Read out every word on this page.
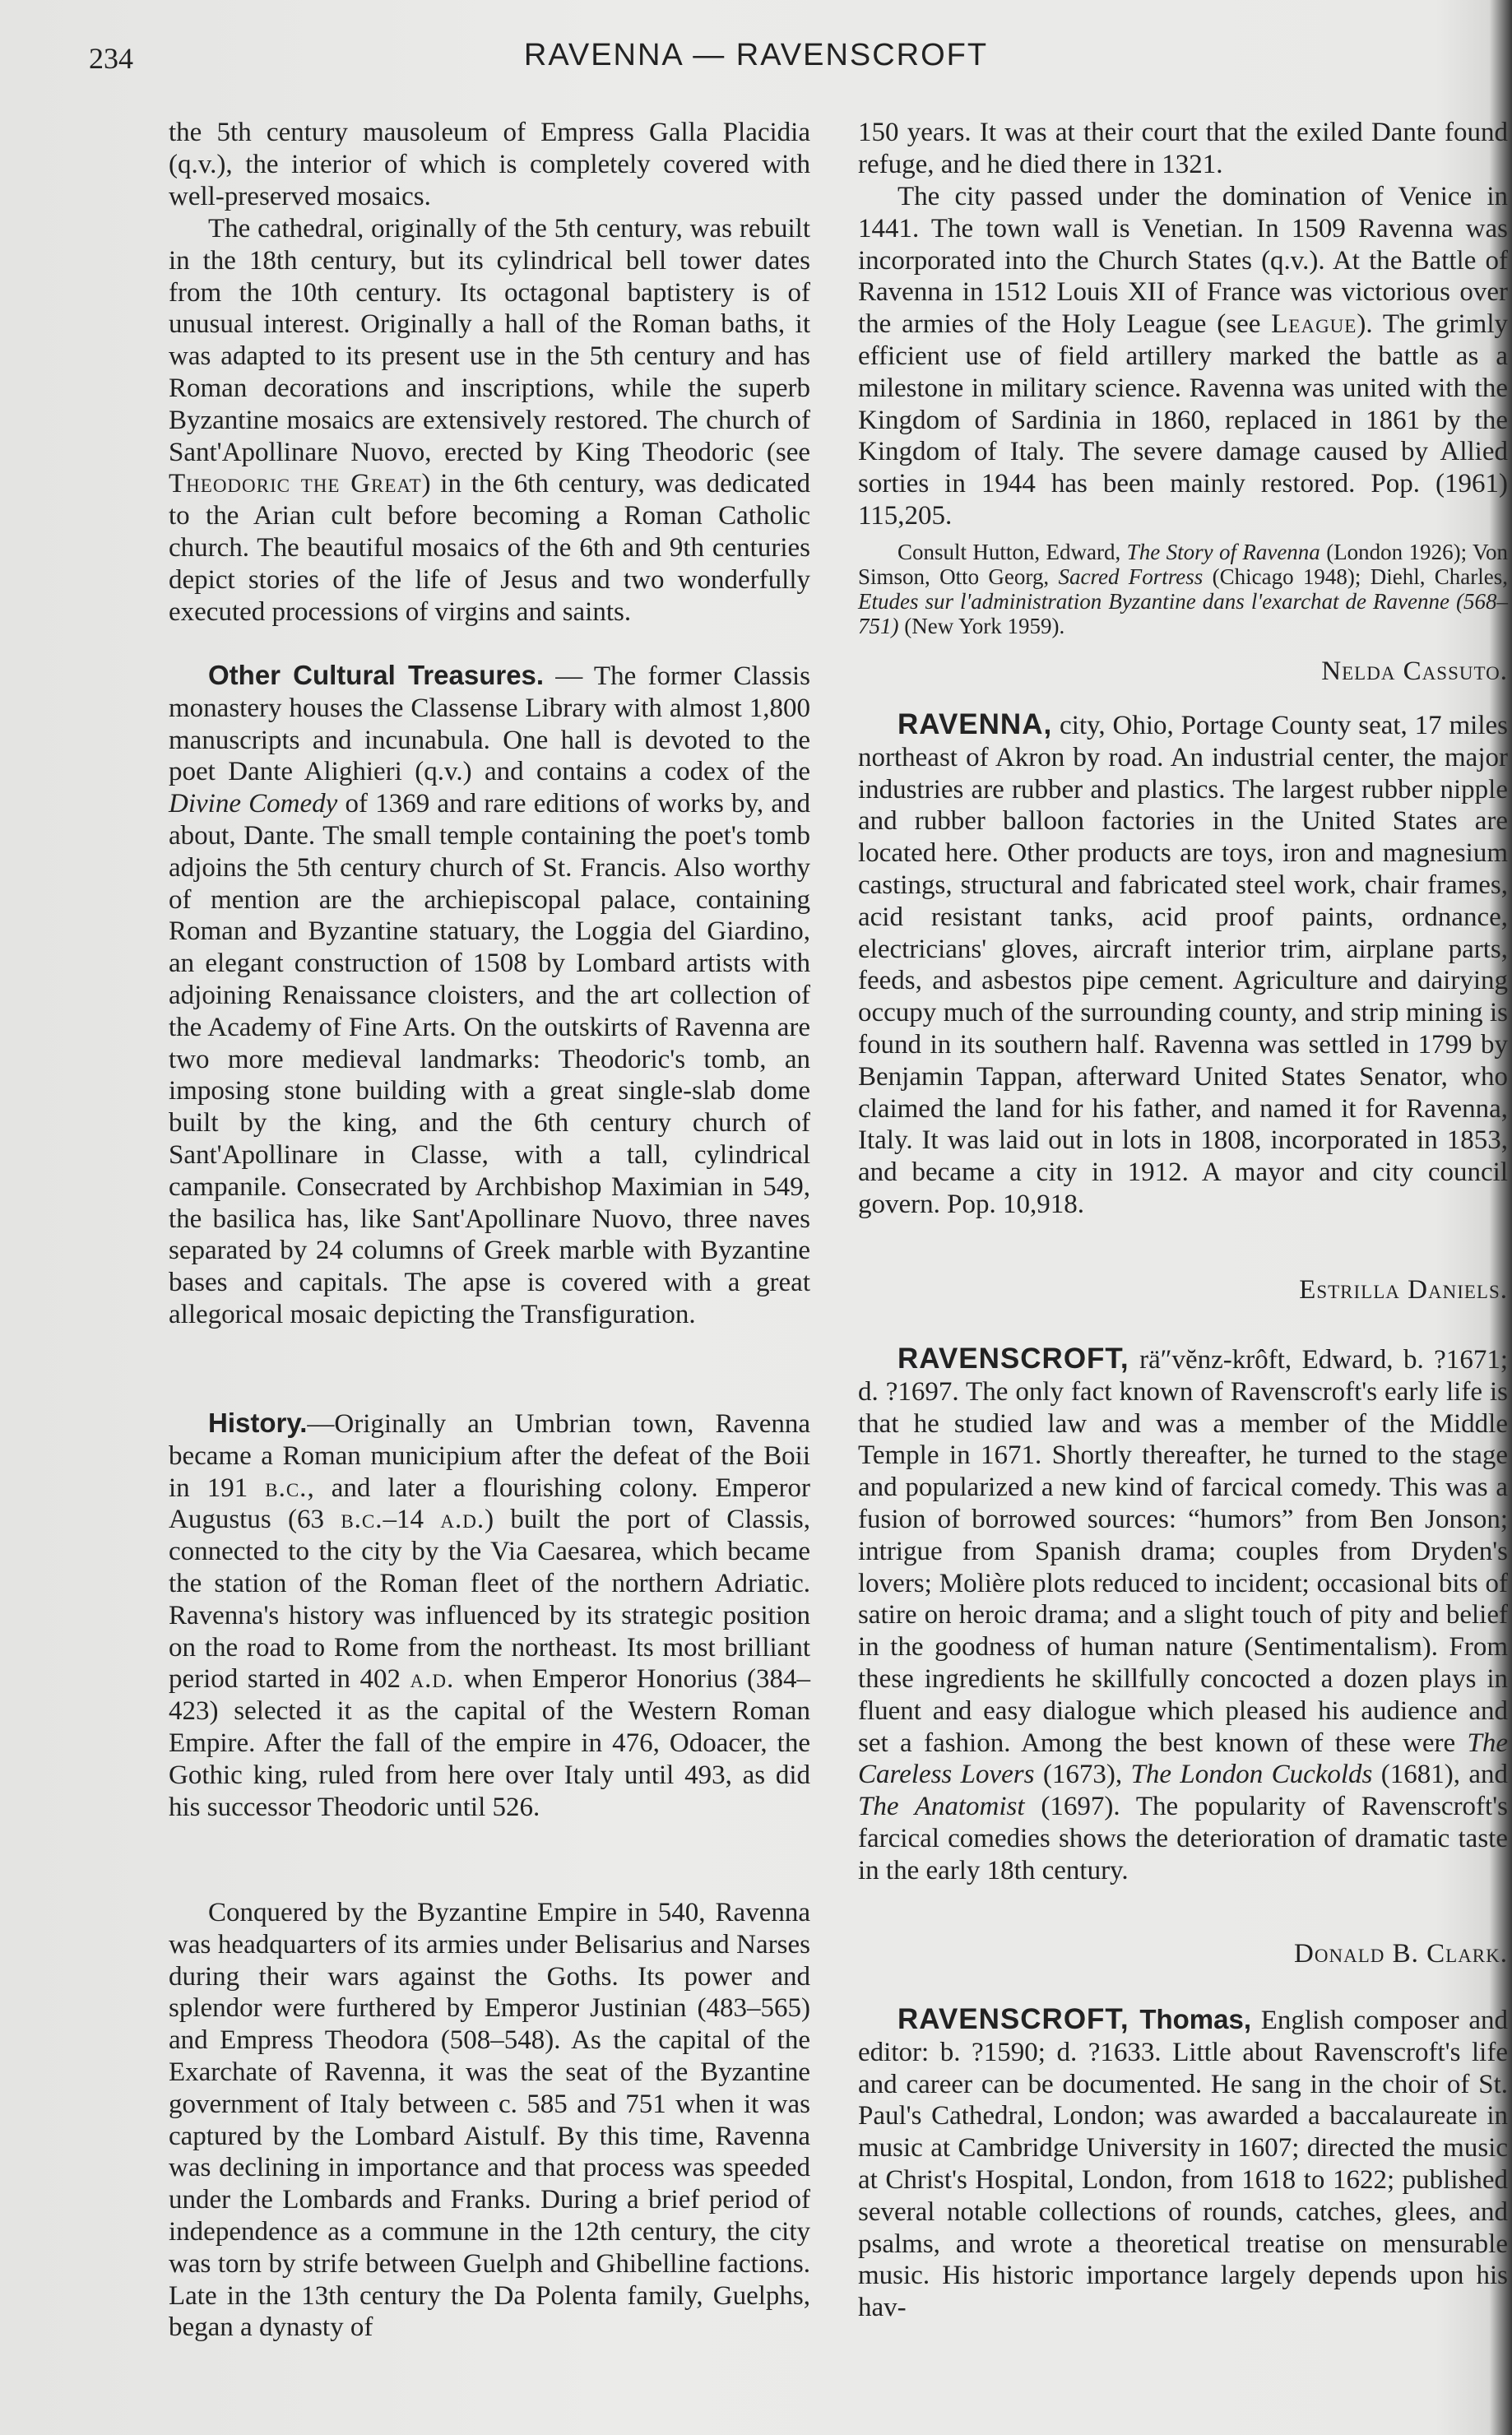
234	RAVENNA — RAVENSCROFT
the 5th century mausoleum of Empress Galla Placidia (q.v.), the interior of which is completely covered with well-preserved mosaics.
The cathedral, originally of the 5th century, was rebuilt in the 18th century, but its cylindrical bell tower dates from the 10th century. Its octagonal baptistery is of unusual interest. Originally a hall of the Roman baths, it was adapted to its present use in the 5th century and has Roman decorations and inscriptions, while the superb Byzantine mosaics are extensively restored. The church of Sant'Apollinare Nuovo, erected by King Theodoric (see Theodoric the Great) in the 6th century, was dedicated to the Arian cult before becoming a Roman Catholic church. The beautiful mosaics of the 6th and 9th centuries depict stories of the life of Jesus and two wonderfully executed processions of virgins and saints.
Other Cultural Treasures. — The former Classis monastery houses the Classense Library with almost 1,800 manuscripts and incunabula. One hall is devoted to the poet Dante Alighieri (q.v.) and contains a codex of the Divine Comedy of 1369 and rare editions of works by, and about, Dante. The small temple containing the poet's tomb adjoins the 5th century church of St. Francis. Also worthy of mention are the archiepiscopal palace, containing Roman and Byzantine statuary, the Loggia del Giardino, an elegant construction of 1508 by Lombard artists with adjoining Renaissance cloisters, and the art collection of the Academy of Fine Arts. On the outskirts of Ravenna are two more medieval landmarks: Theodoric's tomb, an imposing stone building with a great single-slab dome built by the king, and the 6th century church of Sant'Apollinare in Classe, with a tall, cylindrical campanile. Consecrated by Archbishop Maximian in 549, the basilica has, like Sant'Apollinare Nuovo, three naves separated by 24 columns of Greek marble with Byzantine bases and capitals. The apse is covered with a great allegorical mosaic depicting the Transfiguration.
History.—Originally an Umbrian town, Ravenna became a Roman municipium after the defeat of the Boii in 191 b.c., and later a flourishing colony. Emperor Augustus (63 b.c.–14 a.d.) built the port of Classis, connected to the city by the Via Caesarea, which became the station of the Roman fleet of the northern Adriatic. Ravenna's history was influenced by its strategic position on the road to Rome from the northeast. Its most brilliant period started in 402 a.d. when Emperor Honorius (384–423) selected it as the capital of the Western Roman Empire. After the fall of the empire in 476, Odoacer, the Gothic king, ruled from here over Italy until 493, as did his successor Theodoric until 526.
Conquered by the Byzantine Empire in 540, Ravenna was headquarters of its armies under Belisarius and Narses during their wars against the Goths. Its power and splendor were furthered by Emperor Justinian (483–565) and Empress Theodora (508–548). As the capital of the Exarchate of Ravenna, it was the seat of the Byzantine government of Italy between c. 585 and 751 when it was captured by the Lombard Aistulf. By this time, Ravenna was declining in importance and that process was speeded under the Lombards and Franks. During a brief period of independence as a commune in the 12th century, the city was torn by strife between Guelph and Ghibelline factions. Late in the 13th century the Da Polenta family, Guelphs, began a dynasty of
150 years. It was at their court that the exiled Dante found refuge, and he died there in 1321.
The city passed under the domination of Venice in 1441. The town wall is Venetian. In 1509 Ravenna was incorporated into the Church States (q.v.). At the Battle of Ravenna in 1512 Louis XII of France was victorious over the armies of the Holy League (see League). The grimly efficient use of field artillery marked the battle as a milestone in military science. Ravenna was united with the Kingdom of Sardinia in 1860, replaced in 1861 by the Kingdom of Italy. The severe damage caused by Allied sorties in 1944 has been mainly restored. Pop. (1961) 115,205.
Consult Hutton, Edward, The Story of Ravenna (London 1926); Von Simson, Otto Georg, Sacred Fortress (Chicago 1948); Diehl, Charles, Etudes sur l'administration Byzantine dans l'exarchat de Ravenne (568–751) (New York 1959).
Nelda Cassuto.
RAVENNA, city, Ohio, Portage County seat, 17 miles northeast of Akron by road. An industrial center, the major industries are rubber and plastics. The largest rubber nipple and rubber balloon factories in the United States are located here. Other products are toys, iron and magnesium castings, structural and fabricated steel work, chair frames, acid resistant tanks, acid proof paints, ordnance, electricians' gloves, aircraft interior trim, airplane parts, feeds, and asbestos pipe cement. Agriculture and dairying occupy much of the surrounding county, and strip mining is found in its southern half. Ravenna was settled in 1799 by Benjamin Tappan, afterward United States Senator, who claimed the land for his father, and named it for Ravenna, Italy. It was laid out in lots in 1808, incorporated in 1853, and became a city in 1912. A mayor and city council govern. Pop. 10,918.
Estrilla Daniels.
RAVENSCROFT, rä″vĕnz-krôft, Edward, b. ?1671; d. ?1697. The only fact known of Ravenscroft's early life is that he studied law and was a member of the Middle Temple in 1671. Shortly thereafter, he turned to the stage and popularized a new kind of farcical comedy. This was a fusion of borrowed sources: “humors” from Ben Jonson; intrigue from Spanish drama; couples from Dryden's lovers; Molière plots reduced to incident; occasional bits of satire on heroic drama; and a slight touch of pity and belief in the goodness of human nature (Sentimentalism). From these ingredients he skillfully concocted a dozen plays in fluent and easy dialogue which pleased his audience and set a fashion. Among the best known of these were The Careless Lovers (1673), The London Cuckolds (1681), and The Anatomist (1697). The popularity of Ravenscroft's farcical comedies shows the deterioration of dramatic taste in the early 18th century.
Donald B. Clark.
RAVENSCROFT, Thomas, English composer and editor: b. ?1590; d. ?1633. Little about Ravenscroft's life and career can be documented. He sang in the choir of St. Paul's Cathedral, London; was awarded a baccalaureate in music at Cambridge University in 1607; directed the music at Christ's Hospital, London, from 1618 to 1622; published several notable collections of rounds, catches, glees, and psalms, and wrote a theoretical treatise on mensurable music. His historic importance largely depends upon his hav-
